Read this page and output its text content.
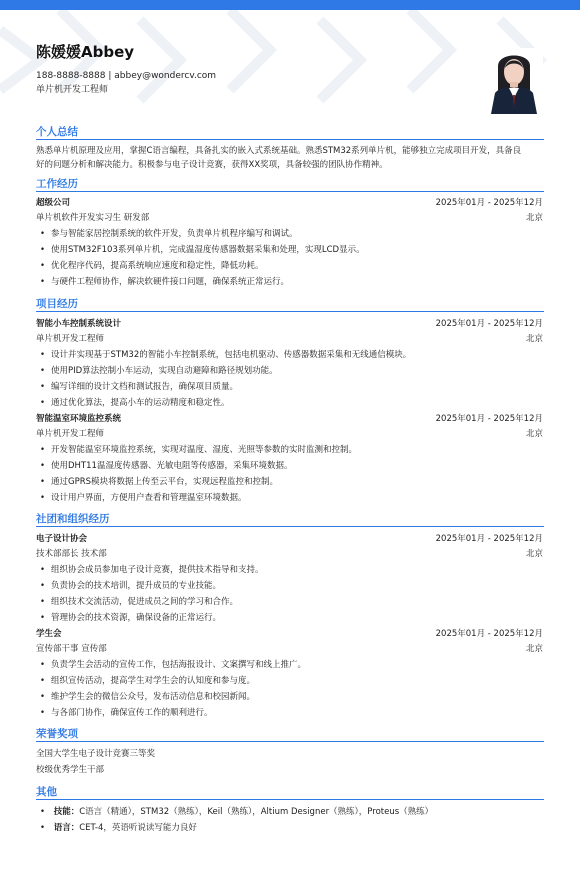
陈媛媛Abbey
188-8888-8888 | abbey@wondercv.com
单片机开发工程师
个人总结
熟悉单片机原理及应用，掌握C语言编程，具备扎实的嵌入式系统基础。熟悉STM32系列单片机，能够独立完成项目开发，具备良
好的问题分析和解决能力。积极参与电子设计竞赛，获得XX奖项，具备较强的团队协作精神。
工作经历
超级公司	2025年01月 - 2025年12月
单片机软件开发实习生 研发部	北京
• 参与智能家居控制系统的软件开发，负责单片机程序编写和调试。
• 使用STM32F103系列单片机，完成温湿度传感器数据采集和处理，实现LCD显示。
• 优化程序代码，提高系统响应速度和稳定性，降低功耗。
• 与硬件工程师协作，解决软硬件接口问题，确保系统正常运行。
项目经历
智能小车控制系统设计	2025年01月 - 2025年12月
单片机开发工程师	北京
• 设计并实现基于STM32的智能小车控制系统，包括电机驱动、传感器数据采集和无线通信模块。
• 使用PID算法控制小车运动，实现自动避障和路径规划功能。
• 编写详细的设计文档和测试报告，确保项目质量。
• 通过优化算法，提高小车的运动精度和稳定性。
智能温室环境监控系统	2025年01月 - 2025年12月
单片机开发工程师	北京
• 开发智能温室环境监控系统，实现对温度、湿度、光照等参数的实时监测和控制。
• 使用DHT11温湿度传感器、光敏电阻等传感器，采集环境数据。
• 通过GPRS模块将数据上传至云平台，实现远程监控和控制。
• 设计用户界面，方便用户查看和管理温室环境数据。
社团和组织经历
电子设计协会	2025年01月 - 2025年12月
技术部部长 技术部	北京
• 组织协会成员参加电子设计竞赛，提供技术指导和支持。
• 负责协会的技术培训，提升成员的专业技能。
• 组织技术交流活动，促进成员之间的学习和合作。
• 管理协会的技术资源，确保设备的正常运行。
学生会	2025年01月 - 2025年12月
宣传部干事 宣传部	北京
• 负责学生会活动的宣传工作，包括海报设计、文案撰写和线上推广。
• 组织宣传活动，提高学生对学生会的认知度和参与度。
• 维护学生会的微信公众号，发布活动信息和校园新闻。
• 与各部门协作，确保宣传工作的顺利进行。
荣誉奖项
全国大学生电子设计竞赛三等奖
校级优秀学生干部
其他
• 技能：C语言（精通），STM32（熟练），Keil（熟练），Altium Designer（熟练），Proteus（熟练）
• 语言：CET-4，英语听说读写能力良好
